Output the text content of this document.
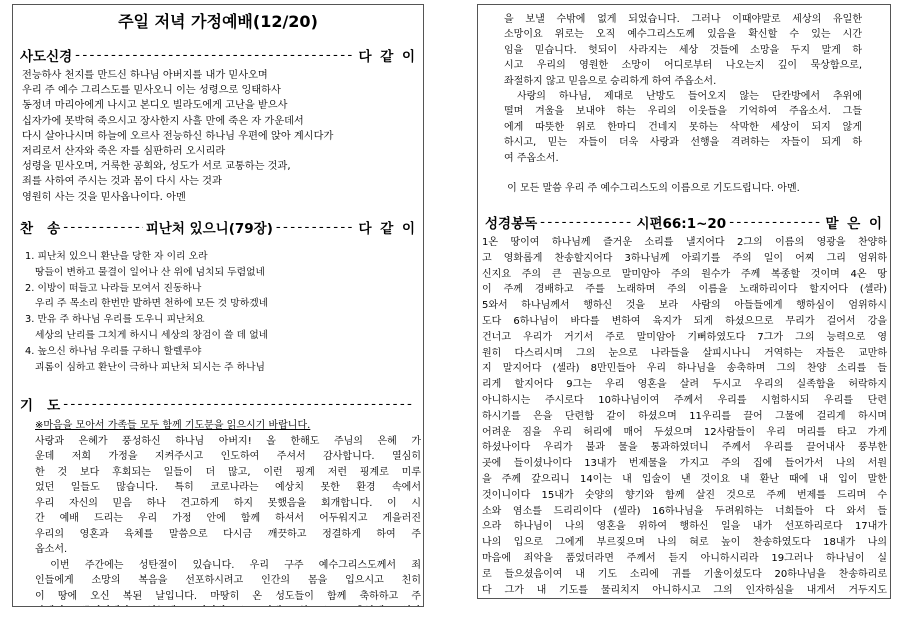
주일 저녁 가정예배(12/20)
사도신경 - - -	다 같 이
전능하사 천지를 만드신 하나님 아버지를 내가 믿사오며
우리 주 예수 그리스도를 믿사오니 이는 성령으로 잉태하사
동정녀 마리아에게 나시고 본디오 빌라도에게 고난을 받으사
십자가에 못박혀 죽으시고 장사한지 사흘 만에 죽은 자 가운데서
다시 살아나시며 하늘에 오르사 전능하신 하나님 우편에 앉아 계시다가
저리로서 산자와 죽은 자를 심판하러 오시리라
성령을 믿사오며, 거룩한 공회와, 성도가 서로 교통하는 것과,
죄를 사하여 주시는 것과 몸이 다시 사는 것과
영원히 사는 것을 믿사옵나이다. 아멘
찬   송 - - -	피난처 있으니(79장) - - -	다 같 이
1. 피난처 있으니 환난을 당한 자 이리 오라
땅들이 변하고 물결이 일어나 산 위에 넘치되 두렴없네
2. 이방이 떠들고 나라들 모여서 진동하나
우리 주 목소리 한번만 발하면 천하에 모든 것 망하겠네
3. 만유 주 하나님 우리를 도우니 피난처요
세상의 난리를 그치게 하시니 세상의 창검이 쓸 데 없네
4. 높으신 하나님 우리를 구하니 할렐루야
괴롬이 심하고 환난이 극하나 피난처 되시는 주 하나님
기   도
- - -
※마음을 모아서 가족들 모두 함께 기도문을 읽으시기 바랍니다.
사랑과 은혜가 풍성하신 하나님 아버지! 올 한해도 주님의 은혜 가
운데 저희 가정을 지켜주시고 인도하여 주셔서 감사합니다. 열심히
한 것 보다 후회되는 일들이 더 많고, 이런 핑계 저런 핑계로 미루
었던 일들도 많습니다. 특히 코로나라는 예상치 못한 환경 속에서
우리 자신의 믿음 하나 견고하게 하지 못했음을 회개합니다. 이 시
간 예배 드리는 우리 가정 안에 함께 하셔서 어두워지고 게을러진
우리의 영혼과 육체를 말씀으로 다시금 깨끗하고 정결하게 하여 주
옵소서.
이번 주간에는 성탄절이 있습니다. 우리 구주 예수그리스도께서 죄
인들에게 소망의 복음을 선포하시려고 인간의 몸을 입으시고 친히
이 땅에 오신 복된 날입니다. 마땅히 온 성도들이 함께 축하하고 주
을 보낼 수밖에 없게 되었습니다. 그러나 이때야말로 세상의 유일한
소망이요 위로는 오직 예수그리스도께 있음을 확신할 수 있는 시간
임을 믿습니다. 헛되이 사라지는 세상 것들에 소망을 두지 말게 하
시고 우리의 영원한 소망이 어디로부터 나오는지 깊이 묵상함으로,
좌절하지 않고 믿음으로 승리하게 하여 주옵소서.
사랑의 하나님, 제대로 난방도 들어오지 않는 단칸방에서 추위에
떨며 겨울을 보내야 하는 우리의 이웃들을 기억하여 주옵소서. 그들
에게 따뜻한 위로 한마디 건네지 못하는 삭막한 세상이 되지 않게
하시고, 믿는 자들이 더욱 사랑과 선행을 격려하는 자들이 되게 하
여 주옵소서.
이 모든 말씀 우리 주 예수그리스도의 이름으로 기도드립니다. 아멘.
성경봉독 - - -	시편66:1~20 - - -	맡 은 이
1온 땅이여 하나님께 즐거운 소리를 낼지어다 2그의 이름의 영광을 찬양하
고 영화롭게 찬송할지어다 3하나님께 아뢰기를 주의 일이 어찌 그리 엄위하
신지요 주의 큰 권능으로 말미암아 주의 원수가 주께 복종할 것이며 4온 땅
이 주께 경배하고 주를 노래하며 주의 이름을 노래하리이다 할지어다 (셀라)
5와서 하나님께서 행하신 것을 보라 사람의 아들들에게 행하심이 엄위하시
도다 6하나님이 바다를 변하여 육지가 되게 하셨으므로 무리가 걸어서 강을
건너고 우리가 거기서 주로 말미암아 기뻐하였도다 7그가 그의 능력으로 영
원히 다스리시며 그의 눈으로 나라들을 살피시나니 거역하는 자들은 교만하
지 말지어다 (셀라) 8만민들아 우리 하나님을 송축하며 그의 찬양 소리를 들
리게 할지어다 9그는 우리 영혼을 살려 두시고 우리의 실족함을 허락하지
아니하시는 주시로다 10하나님이여 주께서 우리를 시험하시되 우리를 단련
하시기를 은을 단련함 같이 하셨으며 11우리를 끌어 그물에 걸리게 하시며
어려운 짐을 우리 허리에 매어 두셨으며 12사람들이 우리 머리를 타고 가게
하셨나이다 우리가 불과 물을 통과하였더니 주께서 우리를 끌어내사 풍부한
곳에 들이셨나이다 13내가 번제물을 가지고 주의 집에 들어가서 나의 서원
을 주께 갚으리니 14이는 내 입술이 낸 것이요 내 환난 때에 내 입이 말한
것이니이다 15내가 숫양의 향기와 함께 살진 것으로 주께 번제를 드리며 수
소와 염소를 드리리이다 (셀라) 16하나님을 두려워하는 너희들아 다 와서 들
으라 하나님이 나의 영혼을 위하여 행하신 일을 내가 선포하리로다 17내가
나의 입으로 그에게 부르짖으며 나의 혀로 높이 찬송하였도다 18내가 나의
마음에 죄악을 품었더라면 주께서 듣지 아니하시리라 19그러나 하나님이 실
로 들으셨음이여 내 기도 소리에 귀를 기울이셨도다 20하나님을 찬송하리로
다 그가 내 기도를 물리치지 아니하시고 그의 인자하심을 내게서 거두지도
